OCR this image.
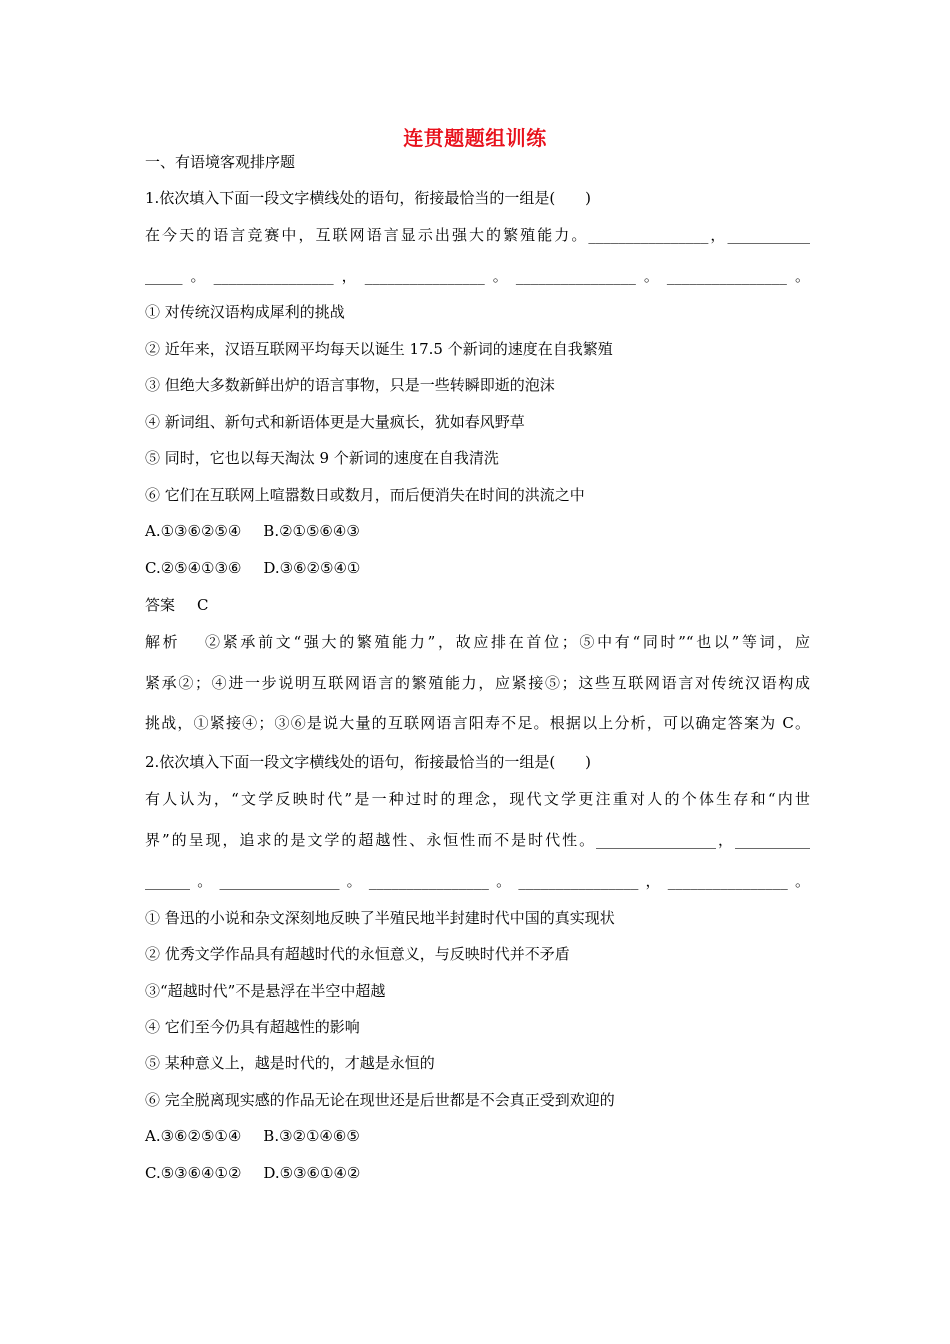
连贯题题组训练
一、有语境客观排序题
1.依次填入下面一段文字横线处的语句，衔接最恰当的一组是(　　)
在今天的语言竞赛中，互联网语言显示出强大的繁殖能力。________________，___________
_____。________________，________________。________________。________________。
① 对传统汉语构成犀利的挑战
② 近年来，汉语互联网平均每天以诞生 17.5 个新词的速度在自我繁殖
③ 但绝大多数新鲜出炉的语言事物，只是一些转瞬即逝的泡沫
④ 新词组、新句式和新语体更是大量疯长，犹如春风野草
⑤ 同时，它也以每天淘汰 9 个新词的速度在自我清洗
⑥ 它们在互联网上喧嚣数日或数月，而后便消失在时间的洪流之中
A.①③⑥②⑤④ B.②①⑤⑥④③
C.②⑤④①③⑥ D.③⑥②⑤④①
答案 C
解析 ②紧承前文“强大的繁殖能力”，故应排在首位；⑤中有“同时”“也以”等词，应
紧承②；④进一步说明互联网语言的繁殖能力，应紧接⑤；这些互联网语言对传统汉语构成
挑战，①紧接④；③⑥是说大量的互联网语言阳寿不足。根据以上分析，可以确定答案为 C。
2.依次填入下面一段文字横线处的语句，衔接最恰当的一组是(　　)
有人认为，“文学反映时代”是一种过时的理念，现代文学更注重对人的个体生存和“内世
界”的呈现，追求的是文学的超越性、永恒性而不是时代性。________________，__________
______。________________。________________。________________，________________。
① 鲁迅的小说和杂文深刻地反映了半殖民地半封建时代中国的真实现状
② 优秀文学作品具有超越时代的永恒意义，与反映时代并不矛盾
③“超越时代”不是悬浮在半空中超越
④ 它们至今仍具有超越性的影响
⑤ 某种意义上，越是时代的，才越是永恒的
⑥ 完全脱离现实感的作品无论在现世还是后世都是不会真正受到欢迎的
A.③⑥②⑤①④ B.③②①④⑥⑤
C.⑤③⑥④①② D.⑤③⑥①④②
